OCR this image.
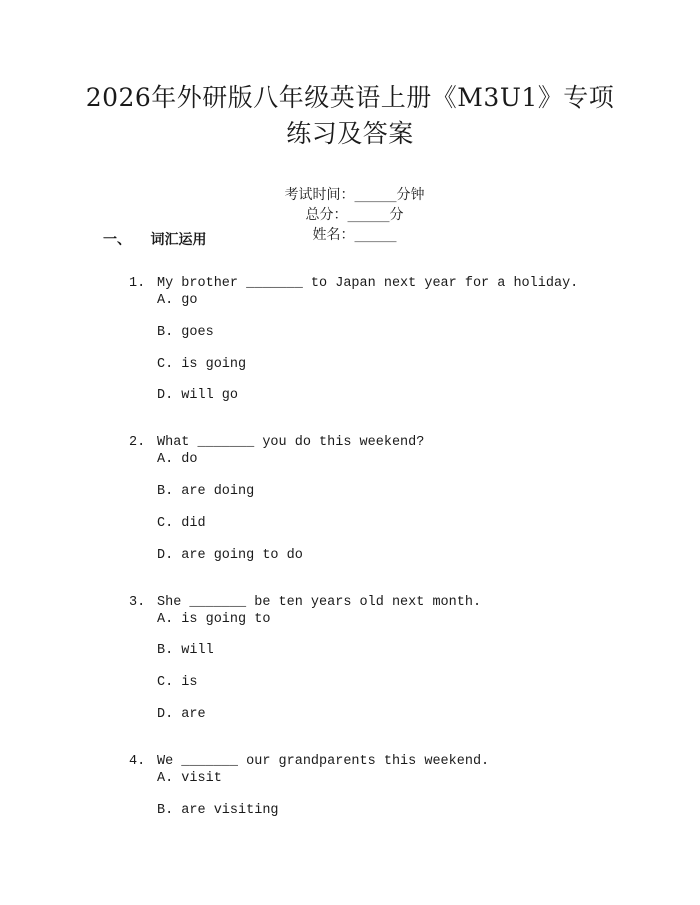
2026年外研版八年级英语上册《M3U1》专项
练习及答案

考试时间：______分钟
总分：______分
姓名：______

一、 词汇运用

1. My brother _______ to Japan next year for a holiday.

A. go
B. goes
C. is going
D. will go

2. What _______ you do this weekend?

A. do
B. are doing
C. did
D. are going to do

3. She _______ be ten years old next month.

A. is going to
B. will
C. is
D. are

4. We _______ our grandparents this weekend.

A. visit
B. are visiting
